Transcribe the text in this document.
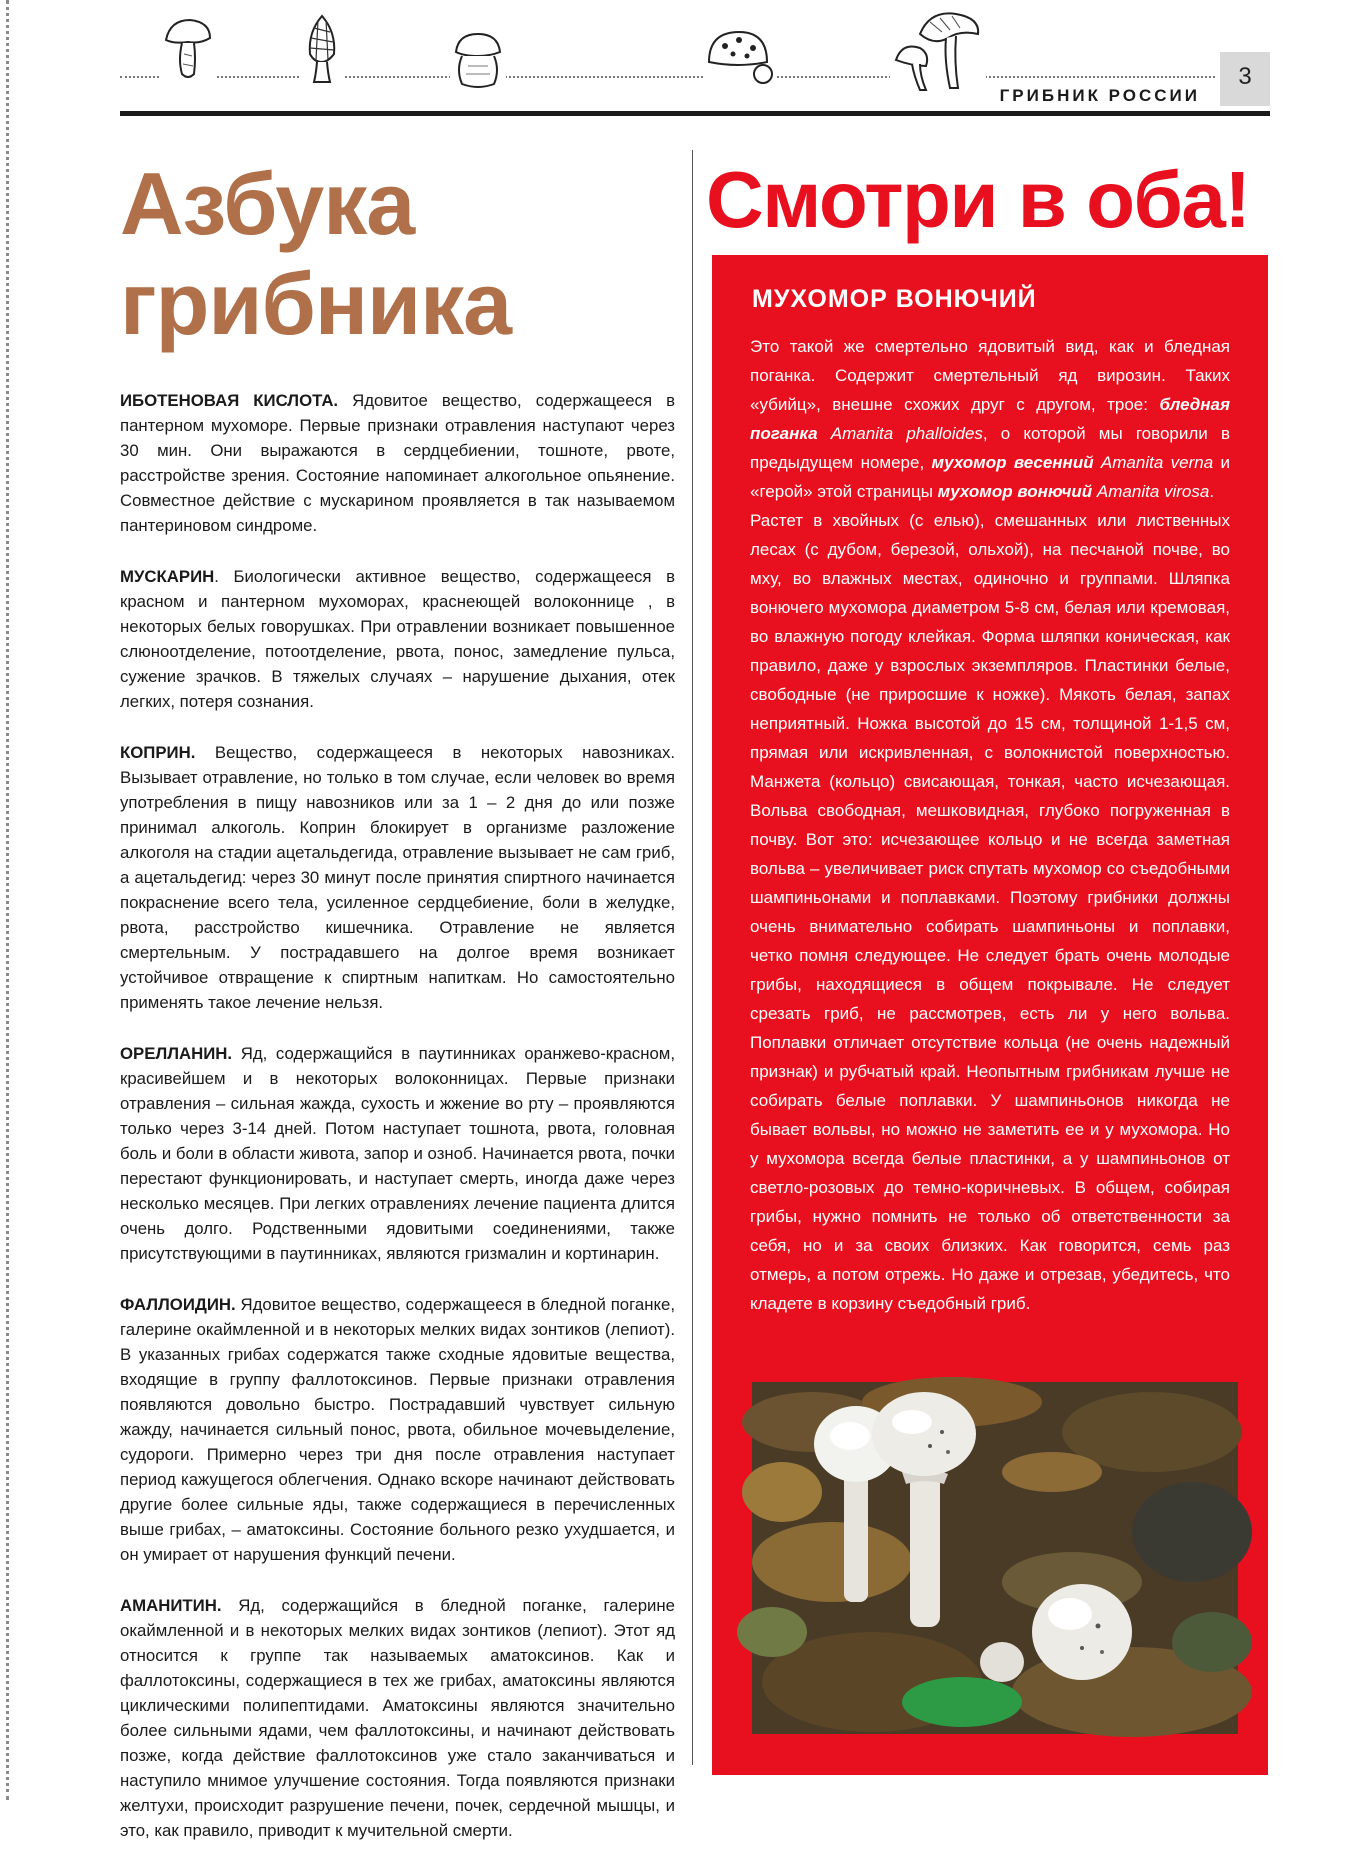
ГРИБНИК РОССИИ
3
Азбука
грибника

ИБОТЕНОВАЯ КИСЛОТА. Ядовитое вещество, содержащееся в пантерном мухоморе. Первые признаки отравления наступают через 30 мин. Они выражаются в сердцебиении, тошноте, рвоте, расстройстве зрения. Состояние напоминает алкогольное опьянение. Совместное действие с мускарином проявляется в так называемом пантериновом синдроме.

МУСКАРИН. Биологически активное вещество, содержащееся в красном и пантерном мухоморах, краснеющей волоконнице , в некоторых белых говорушках. При отравлении возникает повышенное слюноотделение, потоотделение, рвота, понос, замедление пульса, сужение зрачков. В тяжелых случаях – нарушение дыхания, отек легких, потеря сознания.

КОПРИН. Вещество, содержащееся в некоторых навозниках. Вызывает отравление, но только в том случае, если человек во время употребления в пищу навозников или за 1 – 2 дня до или позже принимал алкоголь. Коприн блокирует в организме разложение алкоголя на стадии ацетальдегида, отравление вызывает не сам гриб, а ацетальдегид: через 30 минут после принятия спиртного начинается покраснение всего тела, усиленное сердцебиение, боли в желудке, рвота, расстройство кишечника. Отравление не является смертельным. У пострадавшего на долгое время возникает устойчивое отвращение к спиртным напиткам. Но самостоятельно применять такое лечение нельзя.

ОРЕЛЛАНИН. Яд, содержащийся в паутинниках оранжево-красном, красивейшем и в некоторых волоконницах. Первые признаки отравления – сильная жажда, сухость и жжение во рту – проявляются только через 3-14 дней. Потом наступает тошнота, рвота, головная боль и боли в области живота, запор и озноб. Начинается рвота, почки перестают функционировать, и наступает смерть, иногда даже через несколько месяцев. При легких отравлениях лечение пациента длится очень долго. Родственными ядовитыми соединениями, также присутствующими в паутинниках, являются гризмалин и кортинарин.

ФАЛЛОИДИН. Ядовитое вещество, содержащееся в бледной поганке, галерине окаймленной и в некоторых мелких видах зонтиков (лепиот). В указанных грибах содержатся также сходные ядовитые вещества, входящие в группу фаллотоксинов. Первые признаки отравления появляются довольно быстро. Пострадавший чувствует сильную жажду, начинается сильный понос, рвота, обильное мочевыделение, судороги. Примерно через три дня после отравления наступает период кажущегося облегчения. Однако вскоре начинают действовать другие более сильные яды, также содержащиеся в перечисленных выше грибах, – аматоксины. Состояние больного резко ухудшается, и он умирает от нарушения функций печени.

АМАНИТИН. Яд, содержащийся в бледной поганке, галерине окаймленной и в некоторых мелких видах зонтиков (лепиот). Этот яд относится к группе так называемых аматоксинов. Как и фаллотоксины, содержащиеся в тех же грибах, аматоксины являются циклическими полипептидами. Аматоксины являются значительно более сильными ядами, чем фаллотоксины, и начинают действовать позже, когда действие фаллотоксинов уже стало заканчиваться и наступило мнимое улучшение состояния. Тогда появляются признаки желтухи, происходит разрушение печени, почек, сердечной мышцы, и это, как правило, приводит к мучительной смерти.

Смотри в оба!
МУХОМОР ВОНЮЧИЙ

Это такой же смертельно ядовитый вид, как и бледная поганка. Содержит смертельный яд вирозин. Таких «убийц», внешне схожих друг с другом, трое: бледная поганка Amanita phalloides, о которой мы говорили в предыдущем номере, мухомор весенний Amanita verna и «герой» этой страницы мухомор вонючий Amanita virosa.

Растет в хвойных (с елью), смешанных или лиственных лесах (с дубом, березой, ольхой), на песчаной почве, во мху, во влажных местах, одиночно и группами. Шляпка вонючего мухомора диаметром 5-8 см, белая или кремовая, во влажную погоду клейкая. Форма шляпки коническая, как правило, даже у взрослых экземпляров. Пластинки белые, свободные (не приросшие к ножке). Мякоть белая, запах неприятный. Ножка высотой до 15 см, толщиной 1-1,5 см, прямая или искривленная, с волокнистой поверхностью. Манжета (кольцо) свисающая, тонкая, часто исчезающая. Вольва свободная, мешковидная, глубоко погруженная в почву. Вот это: исчезающее кольцо и не всегда заметная вольва – увеличивает риск спутать мухомор со съедобными шампиньонами и поплавками. Поэтому грибники должны очень внимательно собирать шампиньоны и поплавки, четко помня следующее. Не следует брать очень молодые грибы, находящиеся в общем покрывале. Не следует срезать гриб, не рассмотрев, есть ли у него вольва. Поплавки отличает отсутствие кольца (не очень надежный признак) и рубчатый край. Неопытным грибникам лучше не собирать белые поплавки. У шампиньонов никогда не бывает вольвы, но можно не заметить ее и у мухомора. Но у мухомора всегда белые пластинки, а у шампиньонов от светло-розовых до темно-коричневых. В общем, собирая грибы, нужно помнить не только об ответственности за себя, но и за своих близких. Как говорится, семь раз отмерь, а потом отрежь. Но даже и отрезав, убедитесь, что кладете в корзину съедобный гриб.
